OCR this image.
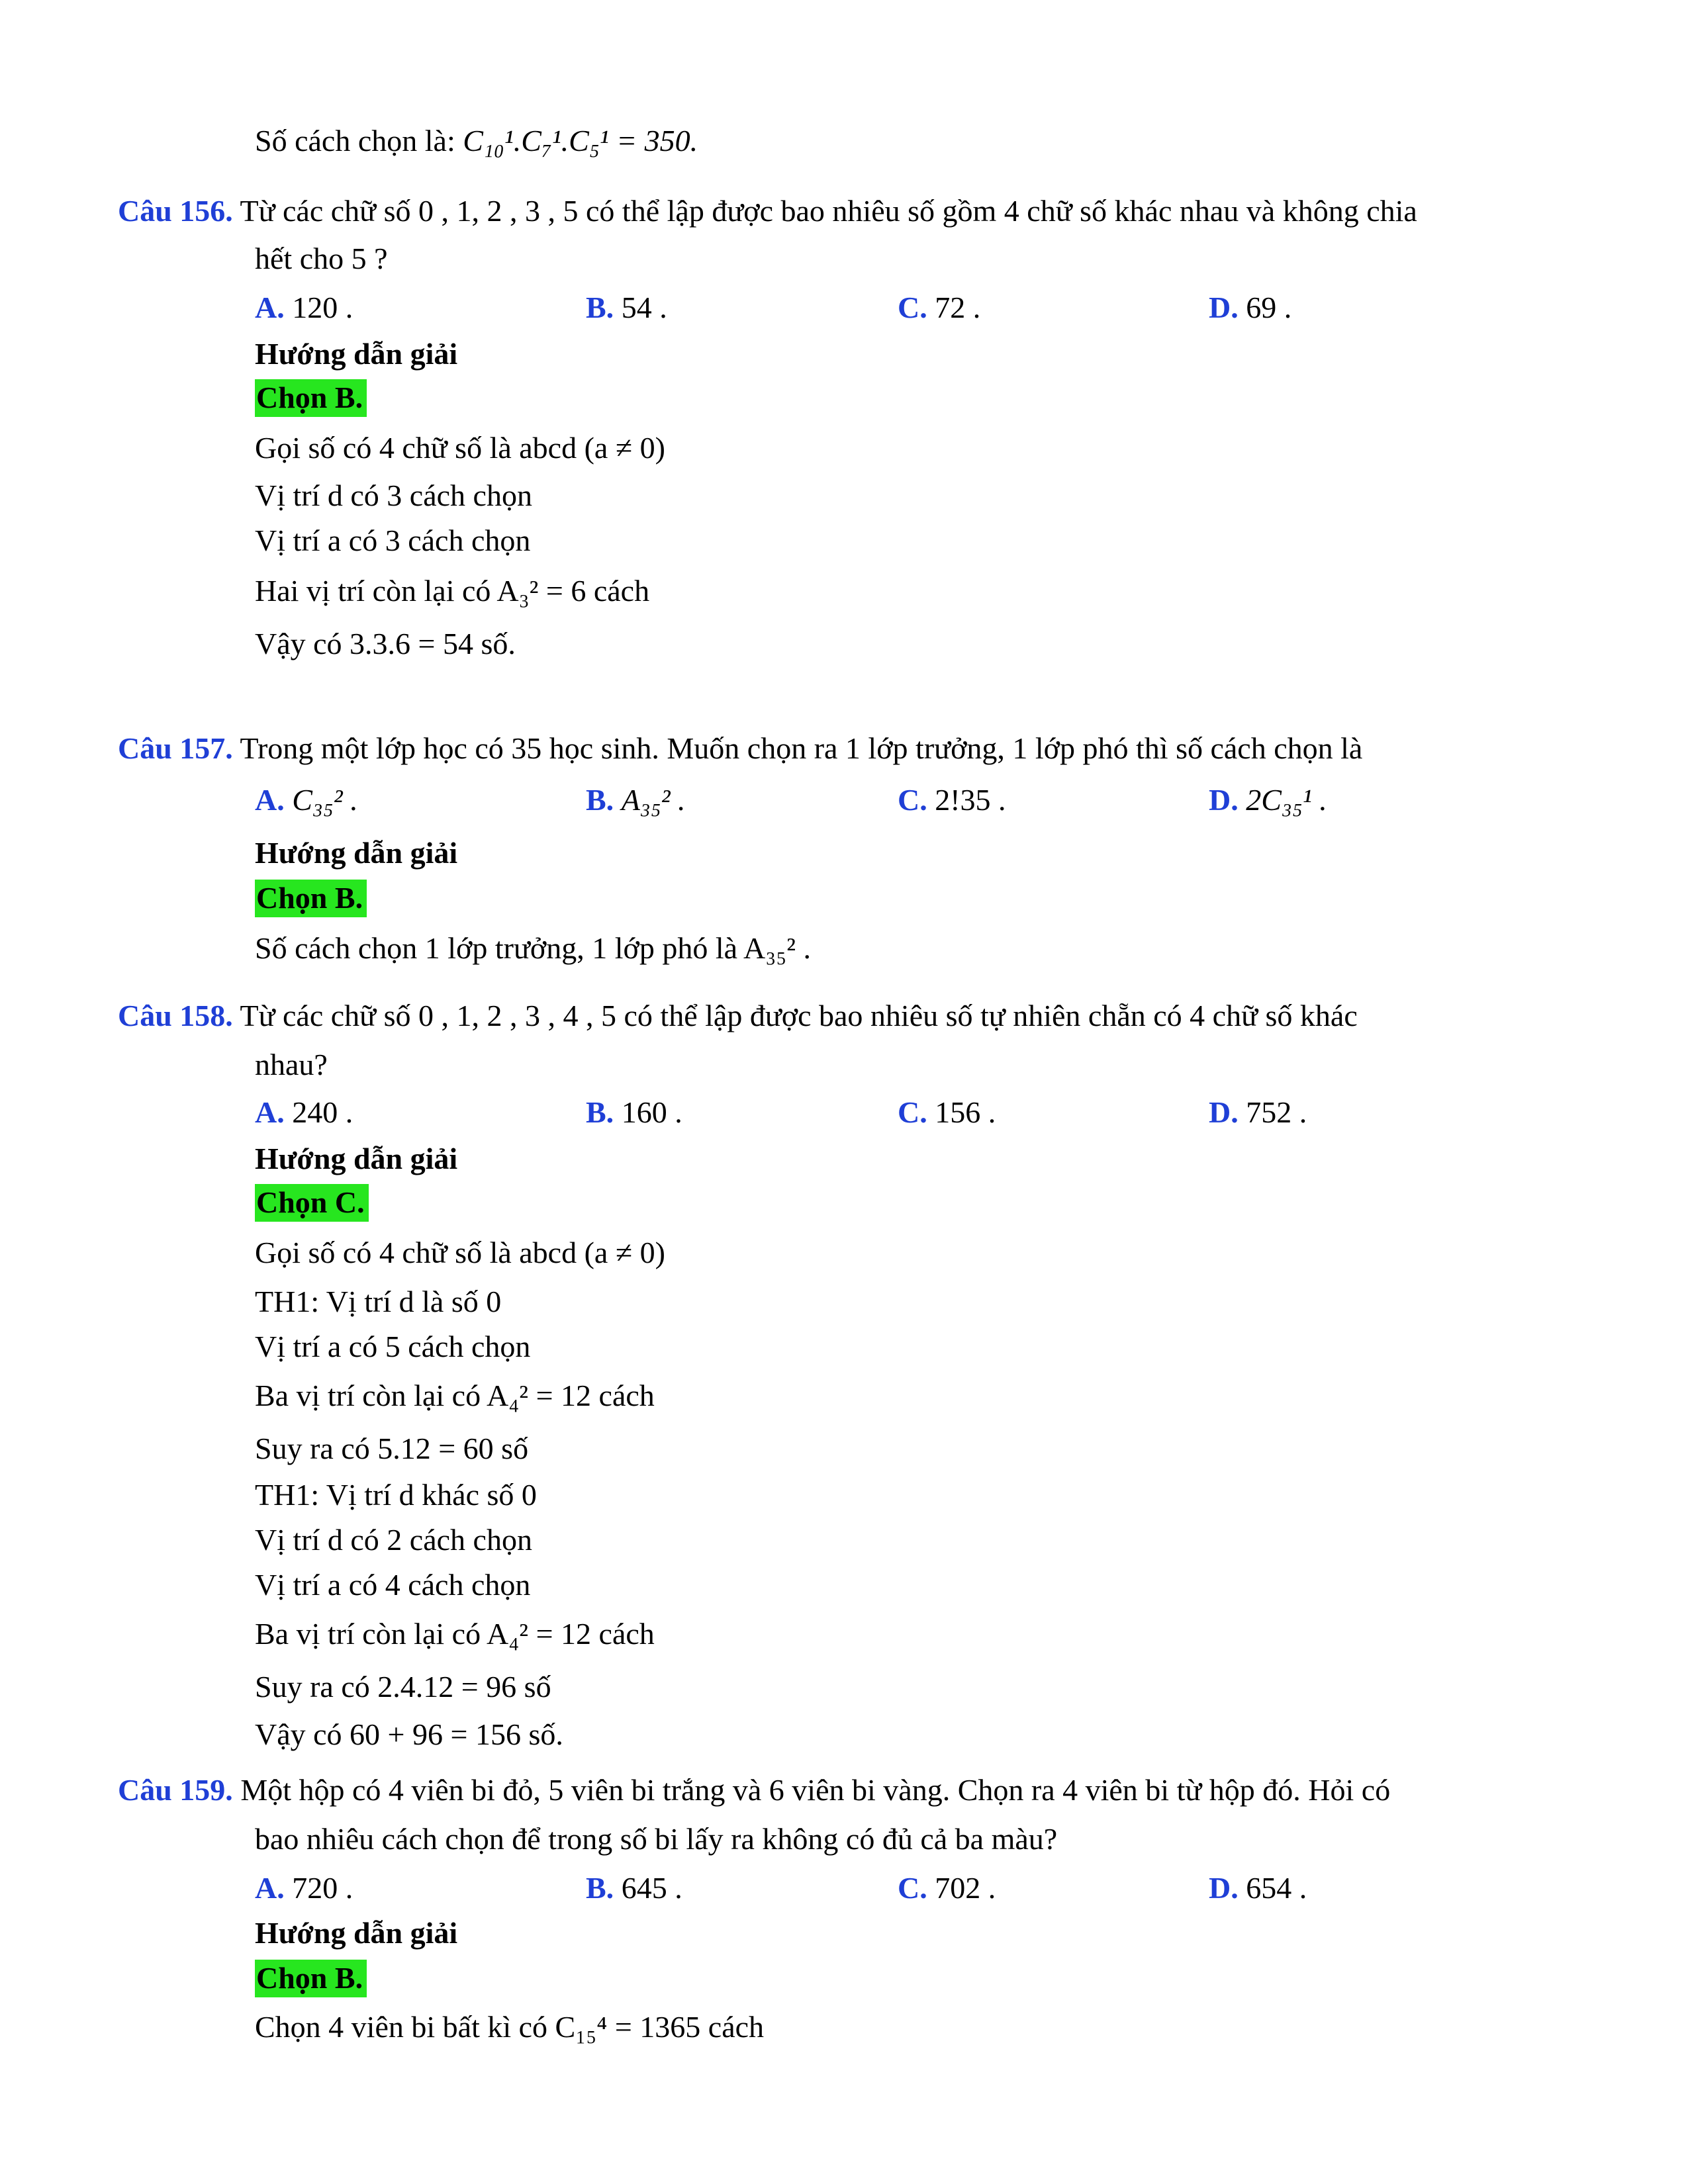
Số cách chọn là: C₁₀¹.C₇¹.C₅¹ = 350.
Câu 156. Từ các chữ số 0 , 1, 2 , 3 , 5 có thể lập được bao nhiêu số gồm 4 chữ số khác nhau và không chia
hết cho 5 ?
A. 120 .	B. 54 .	C. 72 .	D. 69 .
Hướng dẫn giải
Chọn B.
Gọi số có 4 chữ số là abcd (a ≠ 0)
Vị trí d có 3 cách chọn
Vị trí a có 3 cách chọn
Hai vị trí còn lại có A₃² = 6 cách
Vậy có 3.3.6 = 54 số.
Câu 157. Trong một lớp học có 35 học sinh. Muốn chọn ra 1 lớp trưởng, 1 lớp phó thì số cách chọn là
A. C₃₅² .	B. A₃₅² .	C. 2!35 .	D. 2C₃₅¹ .
Hướng dẫn giải
Chọn B.
Số cách chọn 1 lớp trưởng, 1 lớp phó là A₃₅² .
Câu 158. Từ các chữ số 0 , 1, 2 , 3 , 4 , 5 có thể lập được bao nhiêu số tự nhiên chẵn có 4 chữ số khác
nhau?
A. 240 .	B. 160 .	C. 156 .	D. 752 .
Hướng dẫn giải
Chọn C.
Gọi số có 4 chữ số là abcd (a ≠ 0)
TH1: Vị trí d là số 0
Vị trí a có 5 cách chọn
Ba vị trí còn lại có A₄² = 12 cách
Suy ra có 5.12 = 60 số
TH1: Vị trí d khác số 0
Vị trí d có 2 cách chọn
Vị trí a có 4 cách chọn
Ba vị trí còn lại có A₄² = 12 cách
Suy ra có 2.4.12 = 96 số
Vậy có 60 + 96 = 156 số.
Câu 159. Một hộp có 4 viên bi đỏ, 5 viên bi trắng và 6 viên bi vàng. Chọn ra 4 viên bi từ hộp đó. Hỏi có
bao nhiêu cách chọn để trong số bi lấy ra không có đủ cả ba màu?
A. 720 .	B. 645 .	C. 702 .	D. 654 .
Hướng dẫn giải
Chọn B.
Chọn 4 viên bi bất kì có C₁₅⁴ = 1365 cách
